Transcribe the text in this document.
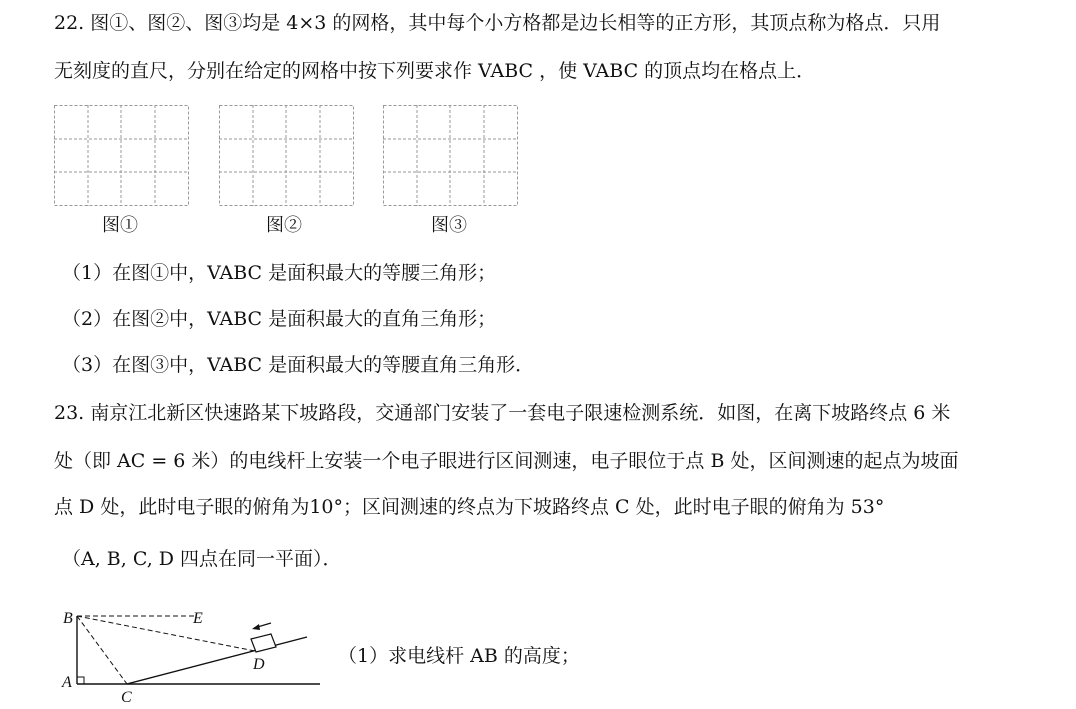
22. 图①、图②、图③均是 4×3 的网格，其中每个小方格都是边长相等的正方形，其顶点称为格点．只用
无刻度的直尺，分别在给定的网格中按下列要求作 VABC ，使 VABC 的顶点均在格点上．
图①	图②	图③
（1）在图①中，VABC 是面积最大的等腰三角形；
（2）在图②中，VABC 是面积最大的直角三角形；
（3）在图③中，VABC 是面积最大的等腰直角三角形．
23. 南京江北新区快速路某下坡路段，交通部门安装了一套电子限速检测系统．如图，在离下坡路终点 6 米
处（即 AC = 6 米）的电线杆上安装一个电子眼进行区间测速，电子眼位于点 B 处，区间测速的起点为坡面
点 D 处，此时电子眼的俯角为10°；区间测速的终点为下坡路终点 C 处，此时电子眼的俯角为 53°
（A, B, C, D 四点在同一平面）．
B	E
D
A
C
（1）求电线杆 AB 的高度；
